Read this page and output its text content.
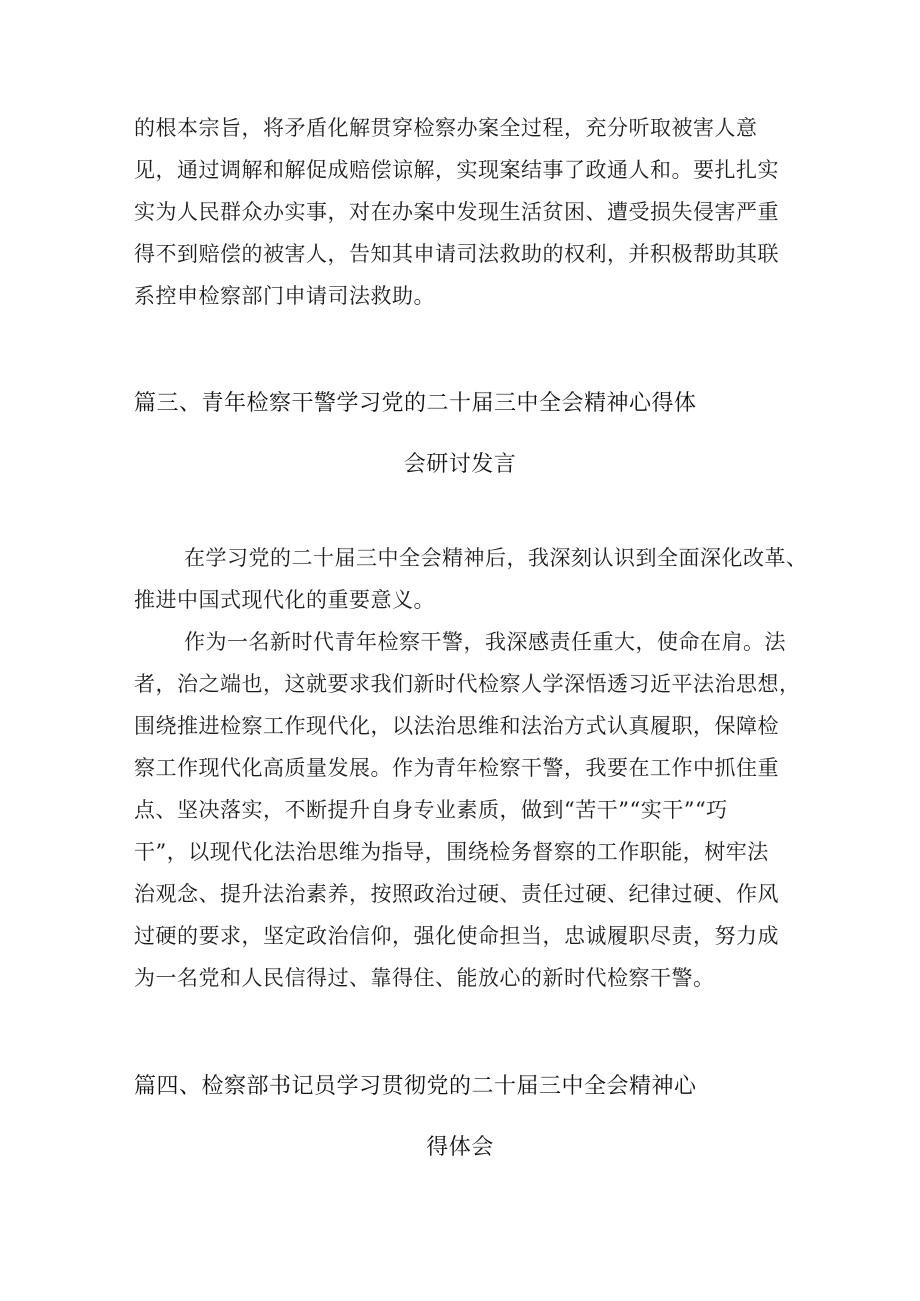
的根本宗旨，将矛盾化解贯穿检察办案全过程，充分听取被害人意
见，通过调解和解促成赔偿谅解，实现案结事了政通人和。要扎扎实
实为人民群众办实事，对在办案中发现生活贫困、遭受损失侵害严重
得不到赔偿的被害人，告知其申请司法救助的权利，并积极帮助其联
系控申检察部门申请司法救助。
篇三、青年检察干警学习党的二十届三中全会精神心得体
会研讨发言
在学习党的二十届三中全会精神后，我深刻认识到全面深化改革、
推进中国式现代化的重要意义。
作为一名新时代青年检察干警，我深感责任重大，使命在肩。法
者，治之端也，这就要求我们新时代检察人学深悟透习近平法治思想，
围绕推进检察工作现代化，以法治思维和法治方式认真履职，保障检
察工作现代化高质量发展。作为青年检察干警，我要在工作中抓住重
点、坚决落实，不断提升自身专业素质，做到“苦干”“实干”“巧
干”，以现代化法治思维为指导，围绕检务督察的工作职能，树牢法
治观念、提升法治素养，按照政治过硬、责任过硬、纪律过硬、作风
过硬的要求，坚定政治信仰，强化使命担当，忠诚履职尽责，努力成
为一名党和人民信得过、靠得住、能放心的新时代检察干警。
篇四、检察部书记员学习贯彻党的二十届三中全会精神心
得体会
